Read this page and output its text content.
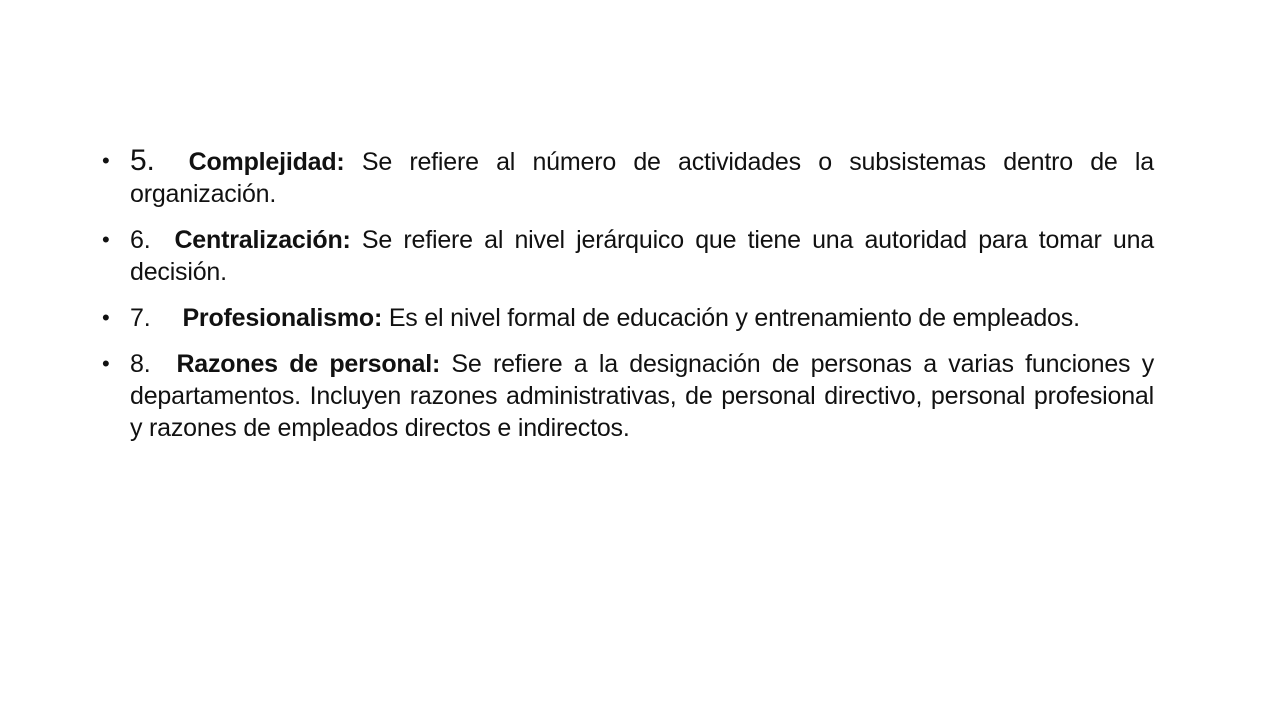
• 5. Complejidad: Se refiere al número de actividades o subsistemas dentro de la organización.
• 6. Centralización: Se refiere al nivel jerárquico que tiene una autoridad para tomar una decisión.
• 7. Profesionalismo: Es el nivel formal de educación y entrenamiento de empleados.
• 8. Razones de personal: Se refiere a la designación de personas a varias funciones y departamentos. Incluyen razones administrativas, de personal directivo, personal profesional y razones de empleados directos e indirectos.
